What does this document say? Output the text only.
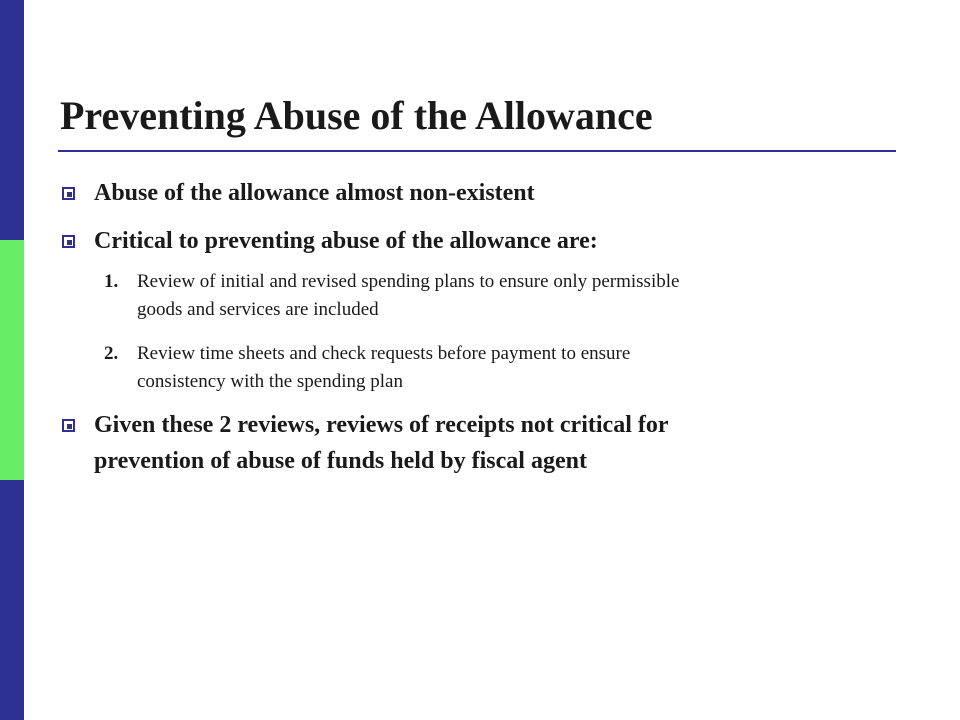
Preventing Abuse of the Allowance
Abuse of the allowance almost non-existent
Critical to preventing abuse of the allowance are:
1. Review of initial and revised spending plans to ensure only permissible
goods and services are included
2. Review time sheets and check requests before payment to ensure
consistency with the spending plan
Given these 2 reviews, reviews of receipts not critical for
prevention of abuse of funds held by fiscal agent
